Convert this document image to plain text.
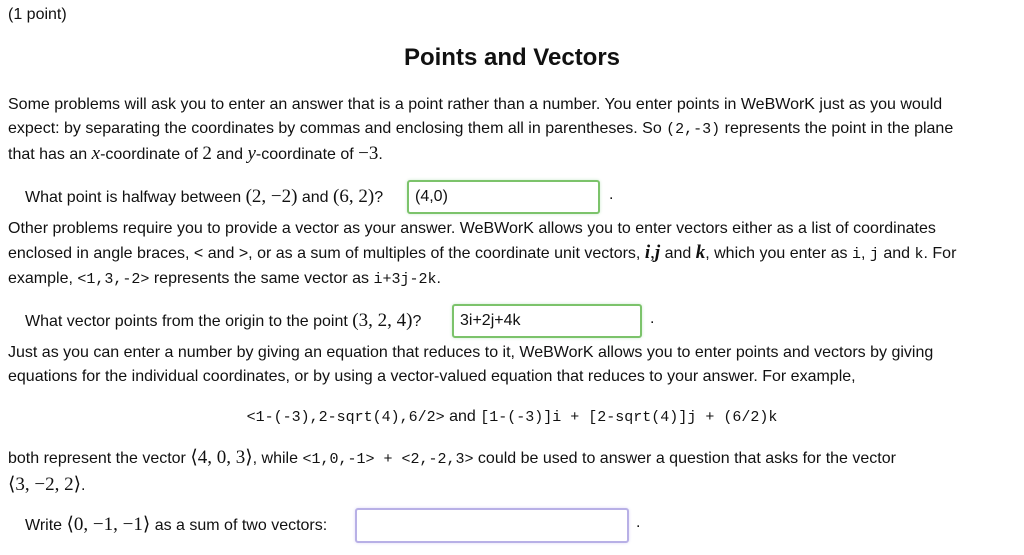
(1 point)
Points and Vectors
Some problems will ask you to enter an answer that is a point rather than a number. You enter points in WeBWorK just as you would
expect: by separating the coordinates by commas and enclosing them all in parentheses. So (2,-3) represents the point in the plane
that has an x-coordinate of 2 and y-coordinate of −3.
What point is halfway between (2, −2) and (6, 2)?
(4,0)	.
Other problems require you to provide a vector as your answer. WeBWorK allows you to enter vectors either as a list of coordinates
enclosed in angle braces, < and >, or as a sum of multiples of the coordinate unit vectors, i,j and k, which you enter as i, j and k. For
example, <1,3,-2> represents the same vector as i+3j-2k.
What vector points from the origin to the point (3, 2, 4)?
3i+2j+4k	.
Just as you can enter a number by giving an equation that reduces to it, WeBWorK allows you to enter points and vectors by giving
equations for the individual coordinates, or by using a vector-valued equation that reduces to your answer. For example,
<1-(-3),2-sqrt(4),6/2> and [1-(-3)]i + [2-sqrt(4)]j + (6/2)k
both represent the vector ⟨4, 0, 3⟩, while <1,0,-1> + <2,-2,3> could be used to answer a question that asks for the vector
⟨3, −2, 2⟩.
Write ⟨0, −1, −1⟩ as a sum of two vectors:	.
